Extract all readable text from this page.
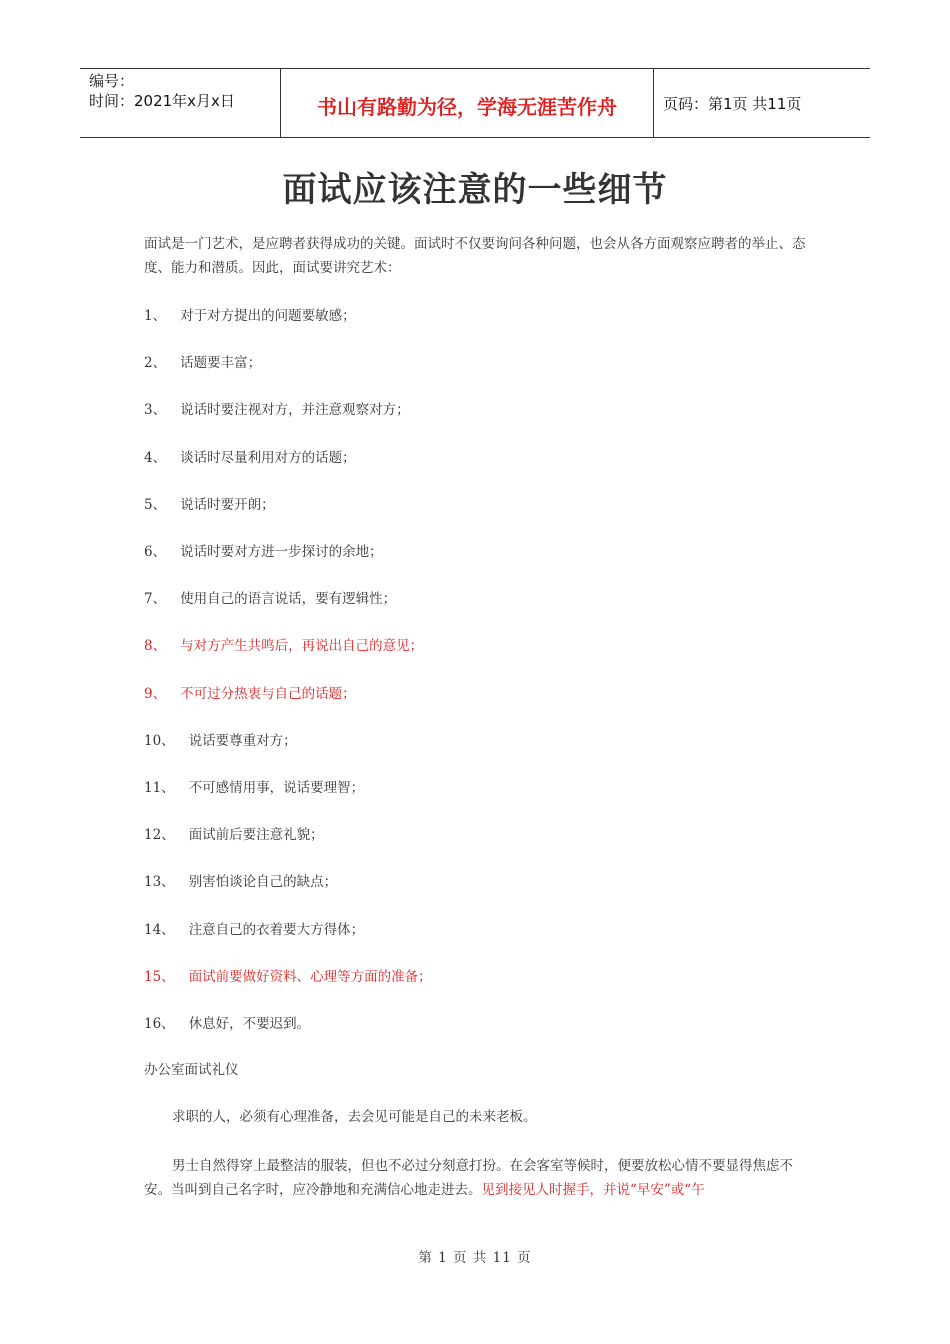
编号：
时间：2021年x月x日	书山有路勤为径，学海无涯苦作舟	页码：第1页 共11页
面试应该注意的一些细节
面试是一门艺术，是应聘者获得成功的关键。面试时不仅要询问各种问题，也会从各方面观察应聘者的举止、态度、能力和潜质。因此，面试要讲究艺术：
1、 对于对方提出的问题要敏感；
2、 话题要丰富；
3、 说话时要注视对方，并注意观察对方；
4、 谈话时尽量利用对方的话题；
5、 说话时要开朗；
6、 说话时要对方进一步探讨的余地；
7、 使用自己的语言说话，要有逻辑性；
8、 与对方产生共鸣后，再说出自己的意见；
9、 不可过分热衷与自己的话题；
10、 说话要尊重对方；
11、 不可感情用事，说话要理智；
12、 面试前后要注意礼貌；
13、 别害怕谈论自己的缺点；
14、 注意自己的衣着要大方得体；
15、 面试前要做好资料、心理等方面的准备；
16、 休息好，不要迟到。
办公室面试礼仪
求职的人，必须有心理准备，去会见可能是自己的未来老板。
男士自然得穿上最整洁的服装，但也不必过分刻意打扮。在会客室等候时，便要放松心情不要显得焦虑不安。当叫到自己名字时，应冷静地和充满信心地走进去。见到接见人时握手，并说“早安”或“午
第 1 页 共 11 页
